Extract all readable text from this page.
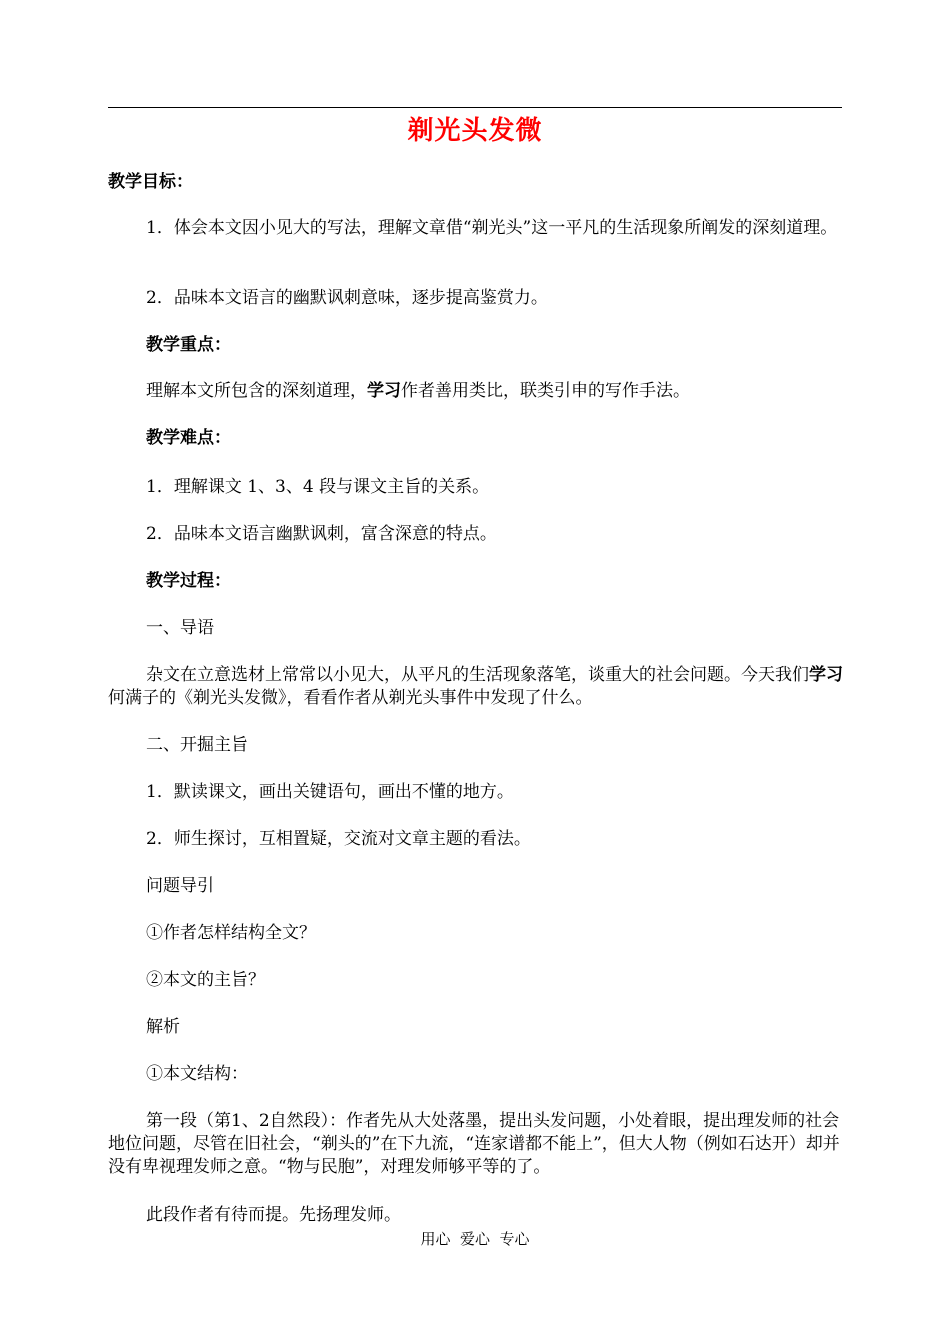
剃光头发微
教学目标：
1．体会本文因小见大的写法，理解文章借“剃光头”这一平凡的生活现象所阐发的深刻道理。
2．品味本文语言的幽默讽刺意味，逐步提高鉴赏力。
教学重点：
理解本文所包含的深刻道理，学习作者善用类比，联类引申的写作手法。
教学难点：
1．理解课文 1、3、4 段与课文主旨的关系。
2．品味本文语言幽默讽刺，富含深意的特点。
教学过程：
一、导语
杂文在立意选材上常常以小见大，从平凡的生活现象落笔，谈重大的社会问题。今天我们学习何满子的《剃光头发微》，看看作者从剃光头事件中发现了什么。
二、开掘主旨
1．默读课文，画出关键语句，画出不懂的地方。
2．师生探讨，互相置疑，交流对文章主题的看法。
问题导引
①作者怎样结构全文？
②本文的主旨？
解析
①本文结构：
第一段（第1、2自然段）：作者先从大处落墨，提出头发问题，小处着眼，提出理发师的社会地位问题，尽管在旧社会，“剃头的”在下九流，“连家谱都不能上”，但大人物（例如石达开）却并没有卑视理发师之意。“物与民胞”，对理发师够平等的了。
此段作者有待而提。先扬理发师。
用心  爱心  专心
